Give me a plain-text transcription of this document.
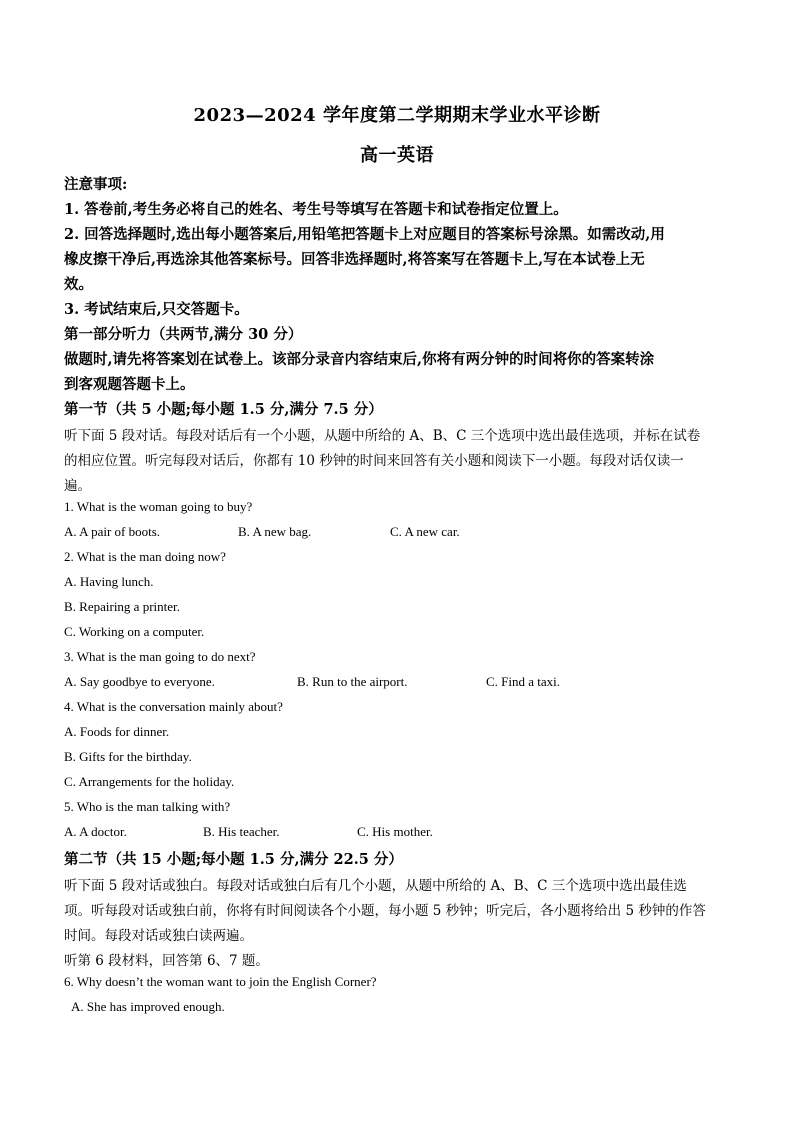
2023—2024 学年度第二学期期末学业水平诊断
高一英语
注意事项:
1. 答卷前,考生务必将自己的姓名、考生号等填写在答题卡和试卷指定位置上。
2. 回答选择题时,选出每小题答案后,用铅笔把答题卡上对应题目的答案标号涂黑。如需改动,用
橡皮擦干净后,再选涂其他答案标号。回答非选择题时,将答案写在答题卡上,写在本试卷上无
效。
3. 考试结束后,只交答题卡。
第一部分听力（共两节,满分 30 分）
做题时,请先将答案划在试卷上。该部分录音内容结束后,你将有两分钟的时间将你的答案转涂
到客观题答题卡上。
第一节（共 5 小题;每小题 1.5 分,满分 7.5 分）
听下面 5 段对话。每段对话后有一个小题，从题中所给的 A、B、C 三个选项中选出最佳选项，并标在试卷
的相应位置。听完每段对话后，你都有 10 秒钟的时间来回答有关小题和阅读下一小题。每段对话仅读一
遍。
1. What is the woman going to buy?
A. A pair of boots.	B. A new bag.	C. A new car.
2. What is the man doing now?
A. Having lunch.
B. Repairing a printer.
C. Working on a computer.
3. What is the man going to do next?
A. Say goodbye to everyone.	B. Run to the airport.	C. Find a taxi.
4. What is the conversation mainly about?
A. Foods for dinner.
B. Gifts for the birthday.
C. Arrangements for the holiday.
5. Who is the man talking with?
A. A doctor.	B. His teacher.	C. His mother.
第二节（共 15 小题;每小题 1.5 分,满分 22.5 分）
听下面 5 段对话或独白。每段对话或独白后有几个小题，从题中所给的 A、B、C 三个选项中选出最佳选
项。听每段对话或独白前，你将有时间阅读各个小题，每小题 5 秒钟；听完后，各小题将给出 5 秒钟的作答
时间。每段对话或独白读两遍。
听第 6 段材料，回答第 6、7 题。
6. Why doesn’t the woman want to join the English Corner?
A. She has improved enough.
